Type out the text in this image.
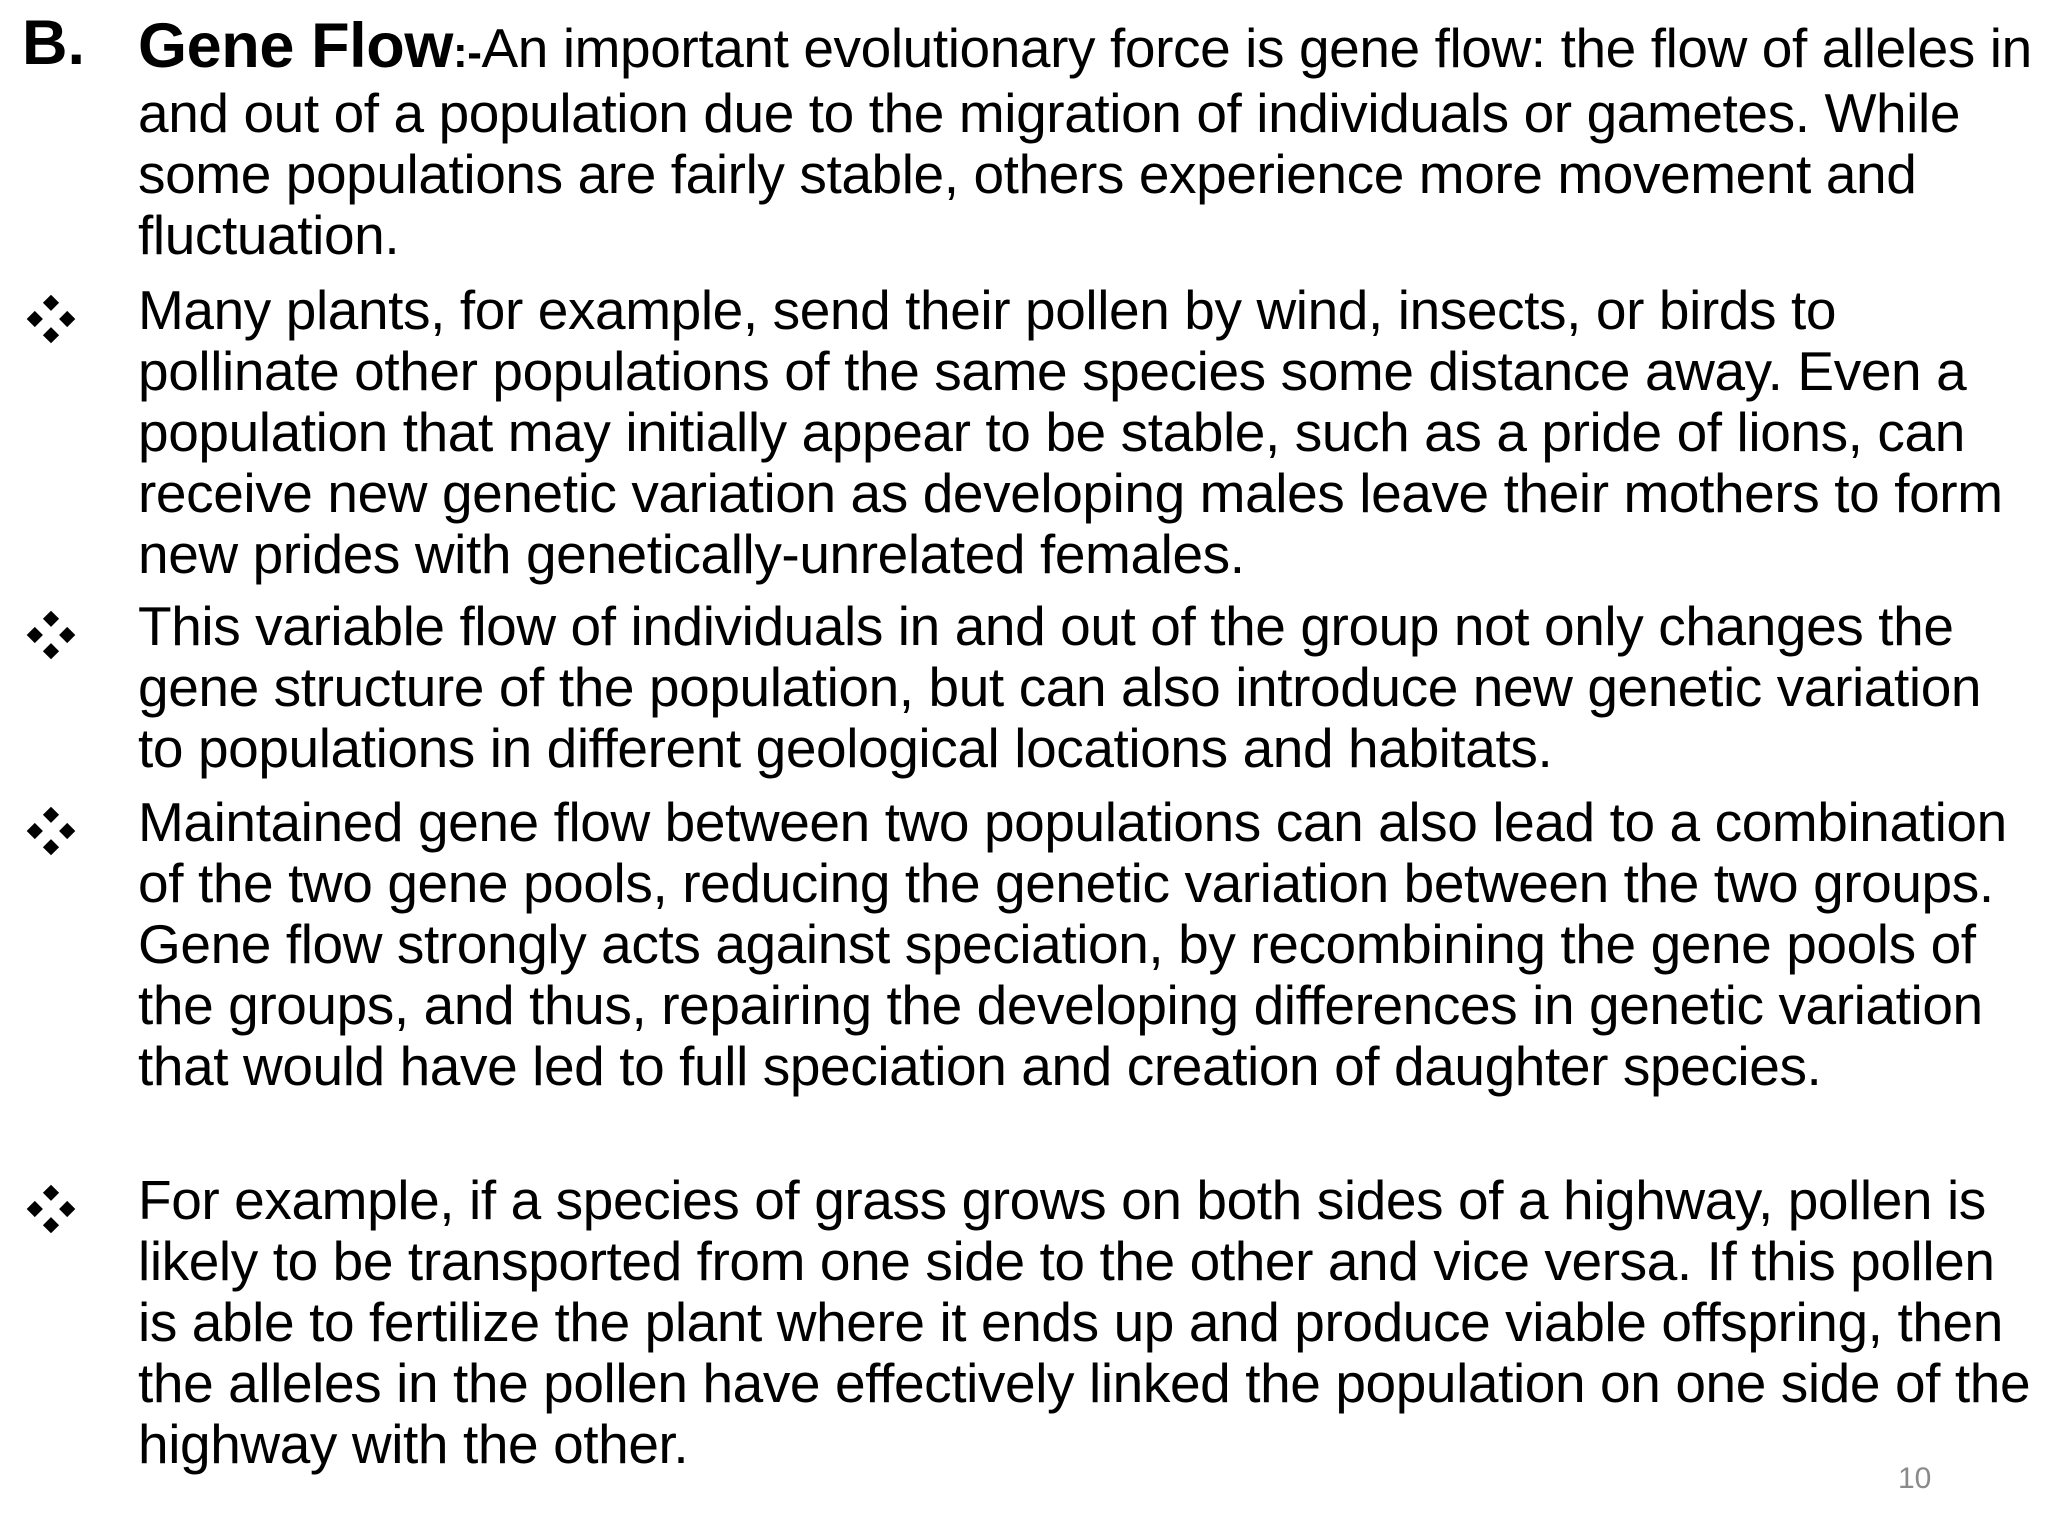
B. Gene Flow:-An important evolutionary force is gene flow: the flow of alleles in and out of a population due to the migration of individuals or gametes. While some populations are fairly stable, others experience more movement and fluctuation.
Many plants, for example, send their pollen by wind, insects, or birds to pollinate other populations of the same species some distance away. Even a population that may initially appear to be stable, such as a pride of lions, can receive new genetic variation as developing males leave their mothers to form new prides with genetically-unrelated females.
This variable flow of individuals in and out of the group not only changes the gene structure of the population, but can also introduce new genetic variation to populations in different geological locations and habitats.
Maintained gene flow between two populations can also lead to a combination of the two gene pools, reducing the genetic variation between the two groups. Gene flow strongly acts against speciation, by recombining the gene pools of the groups, and thus, repairing the developing differences in genetic variation that would have led to full speciation and creation of daughter species.
For example, if a species of grass grows on both sides of a highway, pollen is likely to be transported from one side to the other and vice versa. If this pollen is able to fertilize the plant where it ends up and produce viable offspring, then the alleles in the pollen have effectively linked the population on one side of the highway with the other.
10
